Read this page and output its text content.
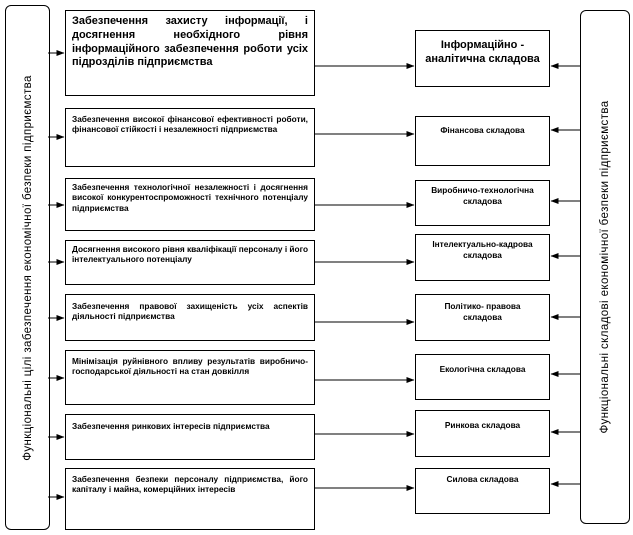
Функціональні цілі забезпечення економічної безпеки підприємства	Функціональні складові економічної безпеки підприємства
Забезпечення захисту інформації, і досягнення необхідного рівня інформаційного забезпечення роботи усіх підрозділів підприємства
Забезпечення високої фінансової ефективності роботи, фінансової стійкості і незалежності підприємства
Забезпечення технологічної незалежності і досягнення високої конкурентоспроможності технічного потенціалу підприємства
Досягнення високого рівня кваліфікації персоналу і його інтелектуального потенціалу
Забезпечення правової захищеність усіх аспектів діяльності підприємства
Мінімізація руйнівного впливу результатів виробничо-господарської діяльності на стан довкілля
Забезпечення ринкових інтересів підприємства
Забезпечення безпеки персоналу підприємства, його капіталу і майна, комерційних інтересів
Інформаційно - аналітична складова
Фінансова складова
Виробничо-технологічна складова
Інтелектуально-кадрова складова
Політико- правова складова
Екологічна складова
Ринкова складова
Силова складова
